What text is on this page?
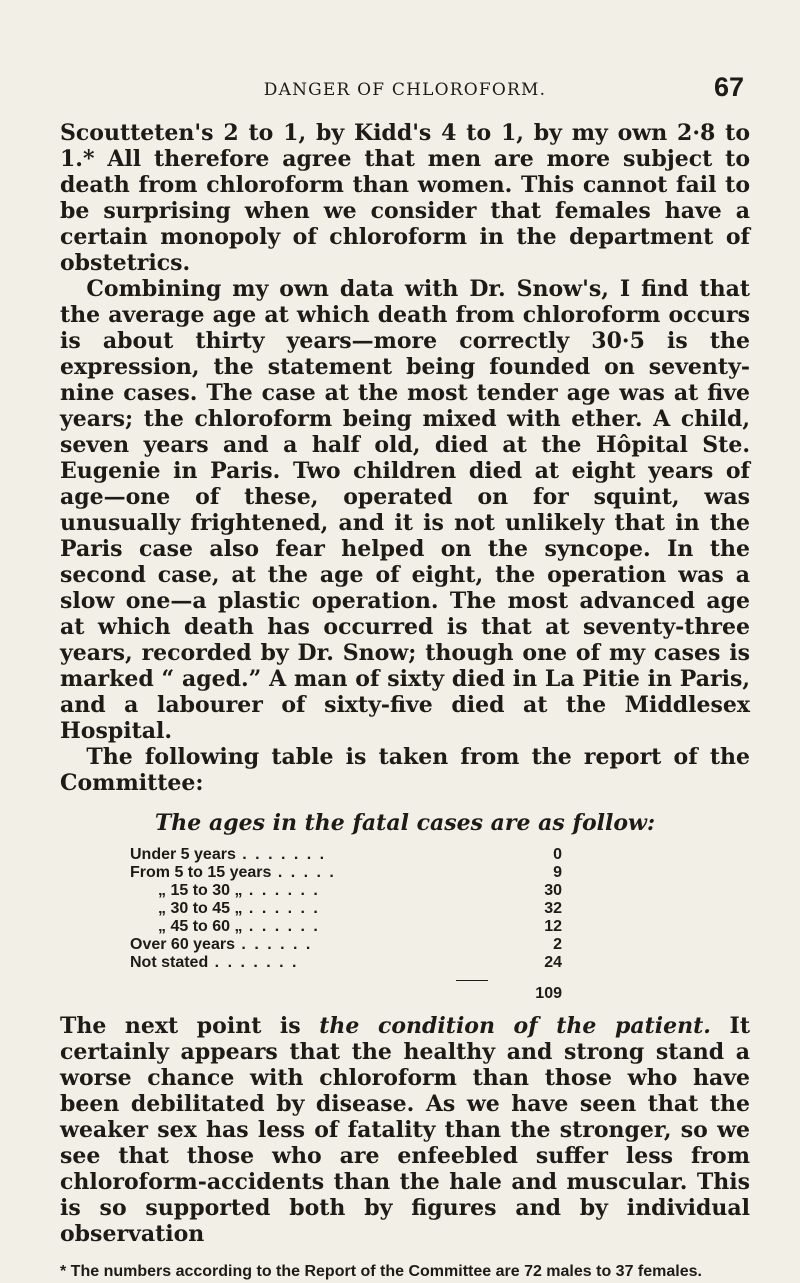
DANGER OF CHLOROFORM.	67

Scoutteten's 2 to 1, by Kidd's 4 to 1, by my own 2·8 to 1.* All therefore agree that men are more subject to death from chloroform than women. This cannot fail to be surprising when we consider that females have a certain monopoly of chloroform in the department of obstetrics.

Combining my own data with Dr. Snow's, I find that the average age at which death from chloroform occurs is about thirty years—more correctly 30·5 is the expression, the statement being founded on seventy-nine cases. The case at the most tender age was at five years; the chloroform being mixed with ether. A child, seven years and a half old, died at the Hôpital Ste. Eugenie in Paris. Two children died at eight years of age—one of these, operated on for squint, was unusually frightened, and it is not unlikely that in the Paris case also fear helped on the syncope. In the second case, at the age of eight, the operation was a slow one—a plastic operation. The most advanced age at which death has occurred is that at seventy-three years, recorded by Dr. Snow; though one of my cases is marked “ aged.” A man of sixty died in La Pitie in Paris, and a labourer of sixty-five died at the Middlesex Hospital.

The following table is taken from the report of the Committee:

The ages in the fatal cases are as follow:
Under 5 years . . . . . . .	0
From 5 to 15 years . . . . .	9
„ 15 to 30 „ . . . . . .	30
„ 30 to 45 „ . . . . . .	32
„ 45 to 60 „ . . . . . .	12
Over 60 years . . . . . .	2
Not stated . . . . . . .	24
109

The next point is the condition of the patient. It certainly appears that the healthy and strong stand a worse chance with chloroform than those who have been debilitated by disease. As we have seen that the weaker sex has less of fatality than the stronger, so we see that those who are enfeebled suffer less from chloroform-accidents than the hale and muscular. This is so supported both by figures and by individual observation

* The numbers according to the Report of the Committee are 72 males to 37 females.
